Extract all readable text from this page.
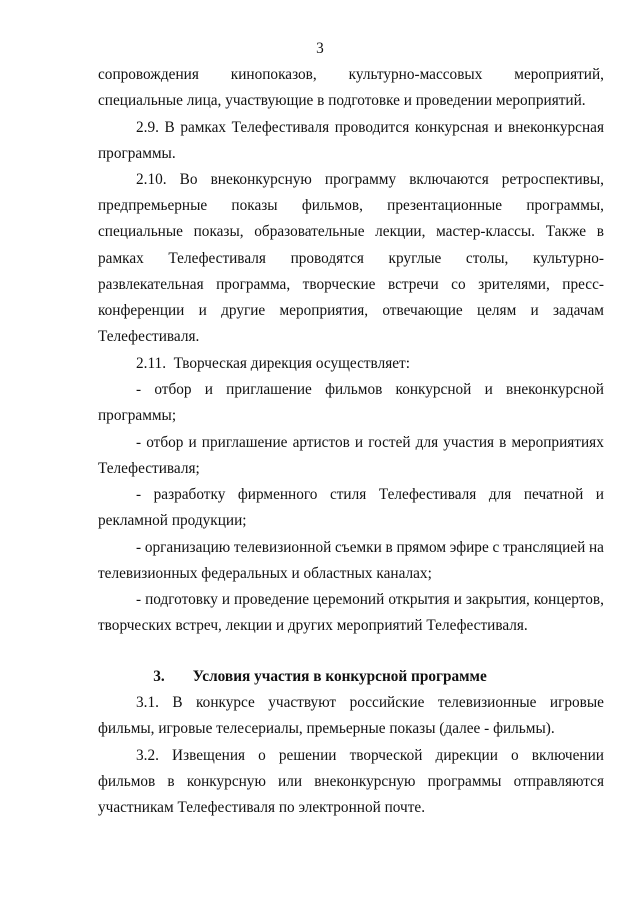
3
сопровождения кинопоказов, культурно-массовых мероприятий,
специальные лица, участвующие в подготовке и проведении мероприятий.
2.9. В рамках Телефестиваля проводится конкурсная и внеконкурсная
программы.
2.10. Во внеконкурсную программу включаются ретроспективы,
предпремьерные показы фильмов, презентационные программы,
специальные показы, образовательные лекции, мастер-классы. Также в
рамках Телефестиваля проводятся круглые столы, культурно-
развлекательная программа, творческие встречи со зрителями, пресс-
конференции и другие мероприятия, отвечающие целям и задачам
Телефестиваля.
2.11.  Творческая дирекция осуществляет:
- отбор и приглашение фильмов конкурсной и внеконкурсной
программы;
- отбор и приглашение артистов и гостей для участия в мероприятиях
Телефестиваля;
- разработку фирменного стиля Телефестиваля для печатной и
рекламной продукции;
- организацию телевизионной съемки в прямом эфире с трансляцией на
телевизионных федеральных и областных каналах;
- подготовку и проведение церемоний открытия и закрытия, концертов,
творческих встреч, лекции и других мероприятий Телефестиваля.
3. Условия участия в конкурсной программе
3.1. В конкурсе участвуют российские телевизионные игровые
фильмы, игровые телесериалы, премьерные показы (далее - фильмы).
3.2. Извещения о решении творческой дирекции о включении
фильмов в конкурсную или внеконкурсную программы отправляются
участникам Телефестиваля по электронной почте.
